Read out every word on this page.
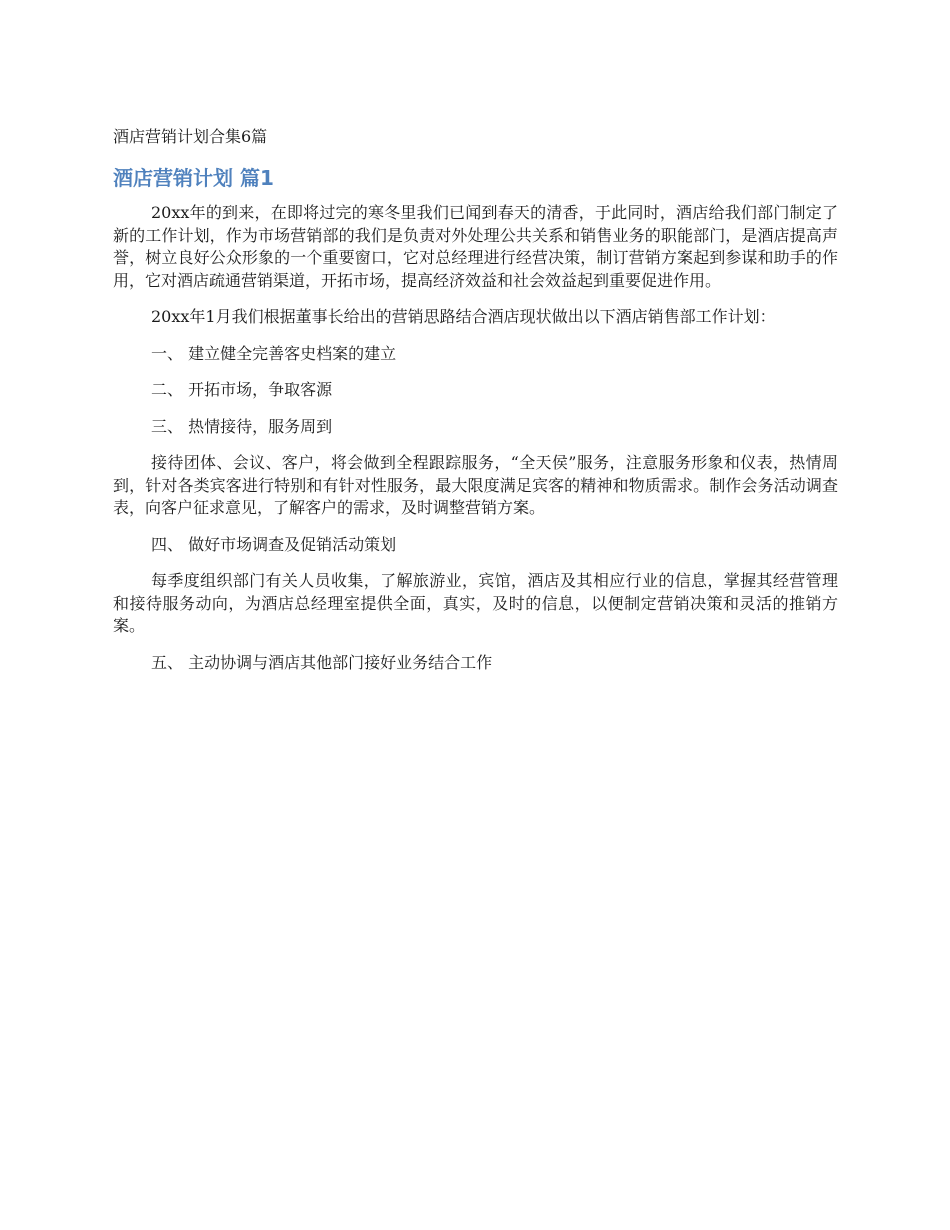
酒店营销计划合集6篇
酒店营销计划 篇1

20xx年的到来，在即将过完的寒冬里我们已闻到春天的清香，于此同时，酒店给我们部门制定了新的工作计划，作为市场营销部的我们是负责对外处理公共关系和销售业务的职能部门，是酒店提高声誉，树立良好公众形象的一个重要窗口，它对总经理进行经营决策，制订营销方案起到参谋和助手的作用，它对酒店疏通营销渠道，开拓市场，提高经济效益和社会效益起到重要促进作用。

20xx年1月我们根据董事长给出的营销思路结合酒店现状做出以下酒店销售部工作计划：

一、 建立健全完善客史档案的建立

二、 开拓市场，争取客源

三、 热情接待，服务周到

接待团体、会议、客户，将会做到全程跟踪服务，“全天侯”服务，注意服务形象和仪表，热情周到，针对各类宾客进行特别和有针对性服务，最大限度满足宾客的精神和物质需求。制作会务活动调查表，向客户征求意见，了解客户的需求，及时调整营销方案。

四、 做好市场调查及促销活动策划

每季度组织部门有关人员收集，了解旅游业，宾馆，酒店及其相应行业的信息，掌握其经营管理和接待服务动向，为酒店总经理室提供全面，真实，及时的信息，以便制定营销决策和灵活的推销方案。

五、 主动协调与酒店其他部门接好业务结合工作
